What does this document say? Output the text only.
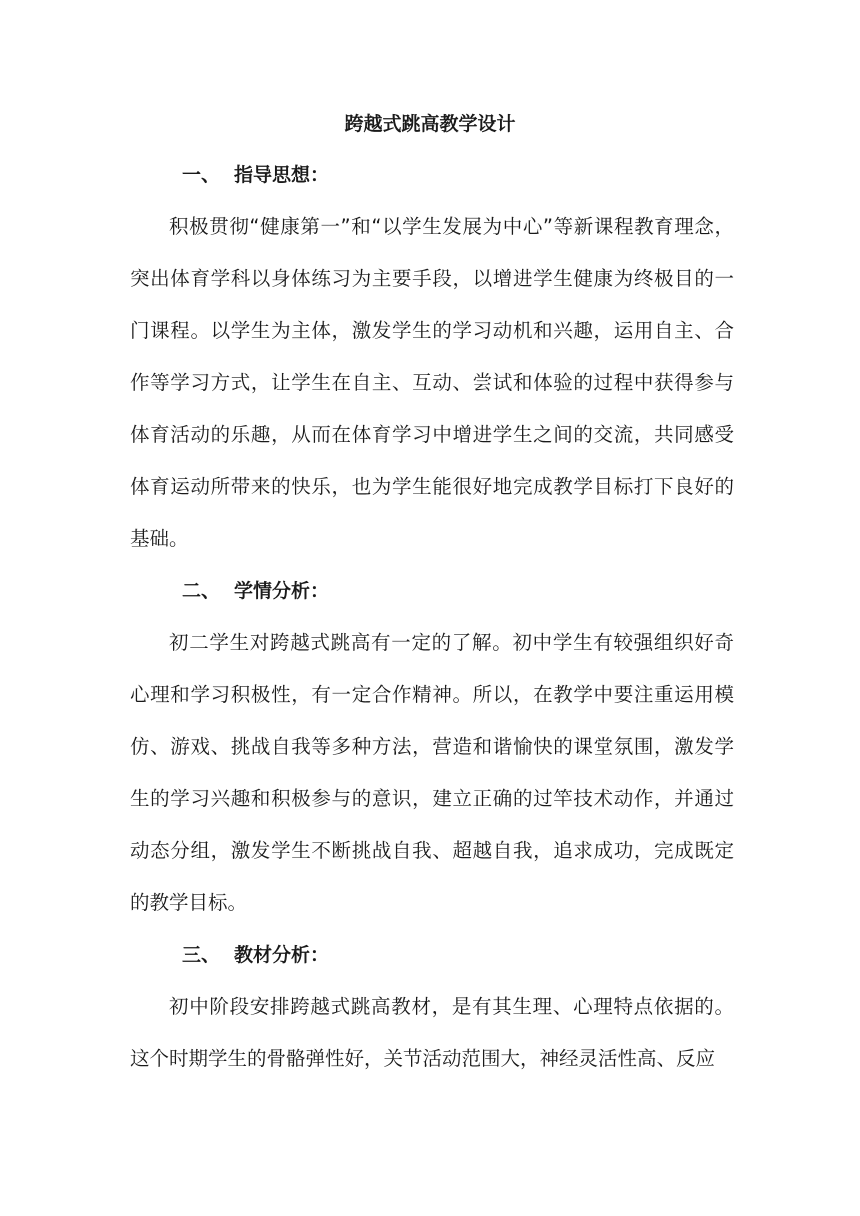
跨越式跳高教学设计
一、 指导思想：

积极贯彻“健康第一”和“以学生发展为中心”等新课程教育理念，突出体育学科以身体练习为主要手段，以增进学生健康为终极目的一门课程。以学生为主体，激发学生的学习动机和兴趣，运用自主、合作等学习方式，让学生在自主、互动、尝试和体验的过程中获得参与体育活动的乐趣，从而在体育学习中增进学生之间的交流，共同感受体育运动所带来的快乐，也为学生能很好地完成教学目标打下良好的基础。

二、 学情分析：

初二学生对跨越式跳高有一定的了解。初中学生有较强组织好奇心理和学习积极性，有一定合作精神。所以，在教学中要注重运用模仿、游戏、挑战自我等多种方法，营造和谐愉快的课堂氛围，激发学生的学习兴趣和积极参与的意识，建立正确的过竿技术动作，并通过动态分组，激发学生不断挑战自我、超越自我，追求成功，完成既定的教学目标。

三、 教材分析：

初中阶段安排跨越式跳高教材，是有其生理、心理特点依据的。这个时期学生的骨骼弹性好，关节活动范围大，神经灵活性高、反应
